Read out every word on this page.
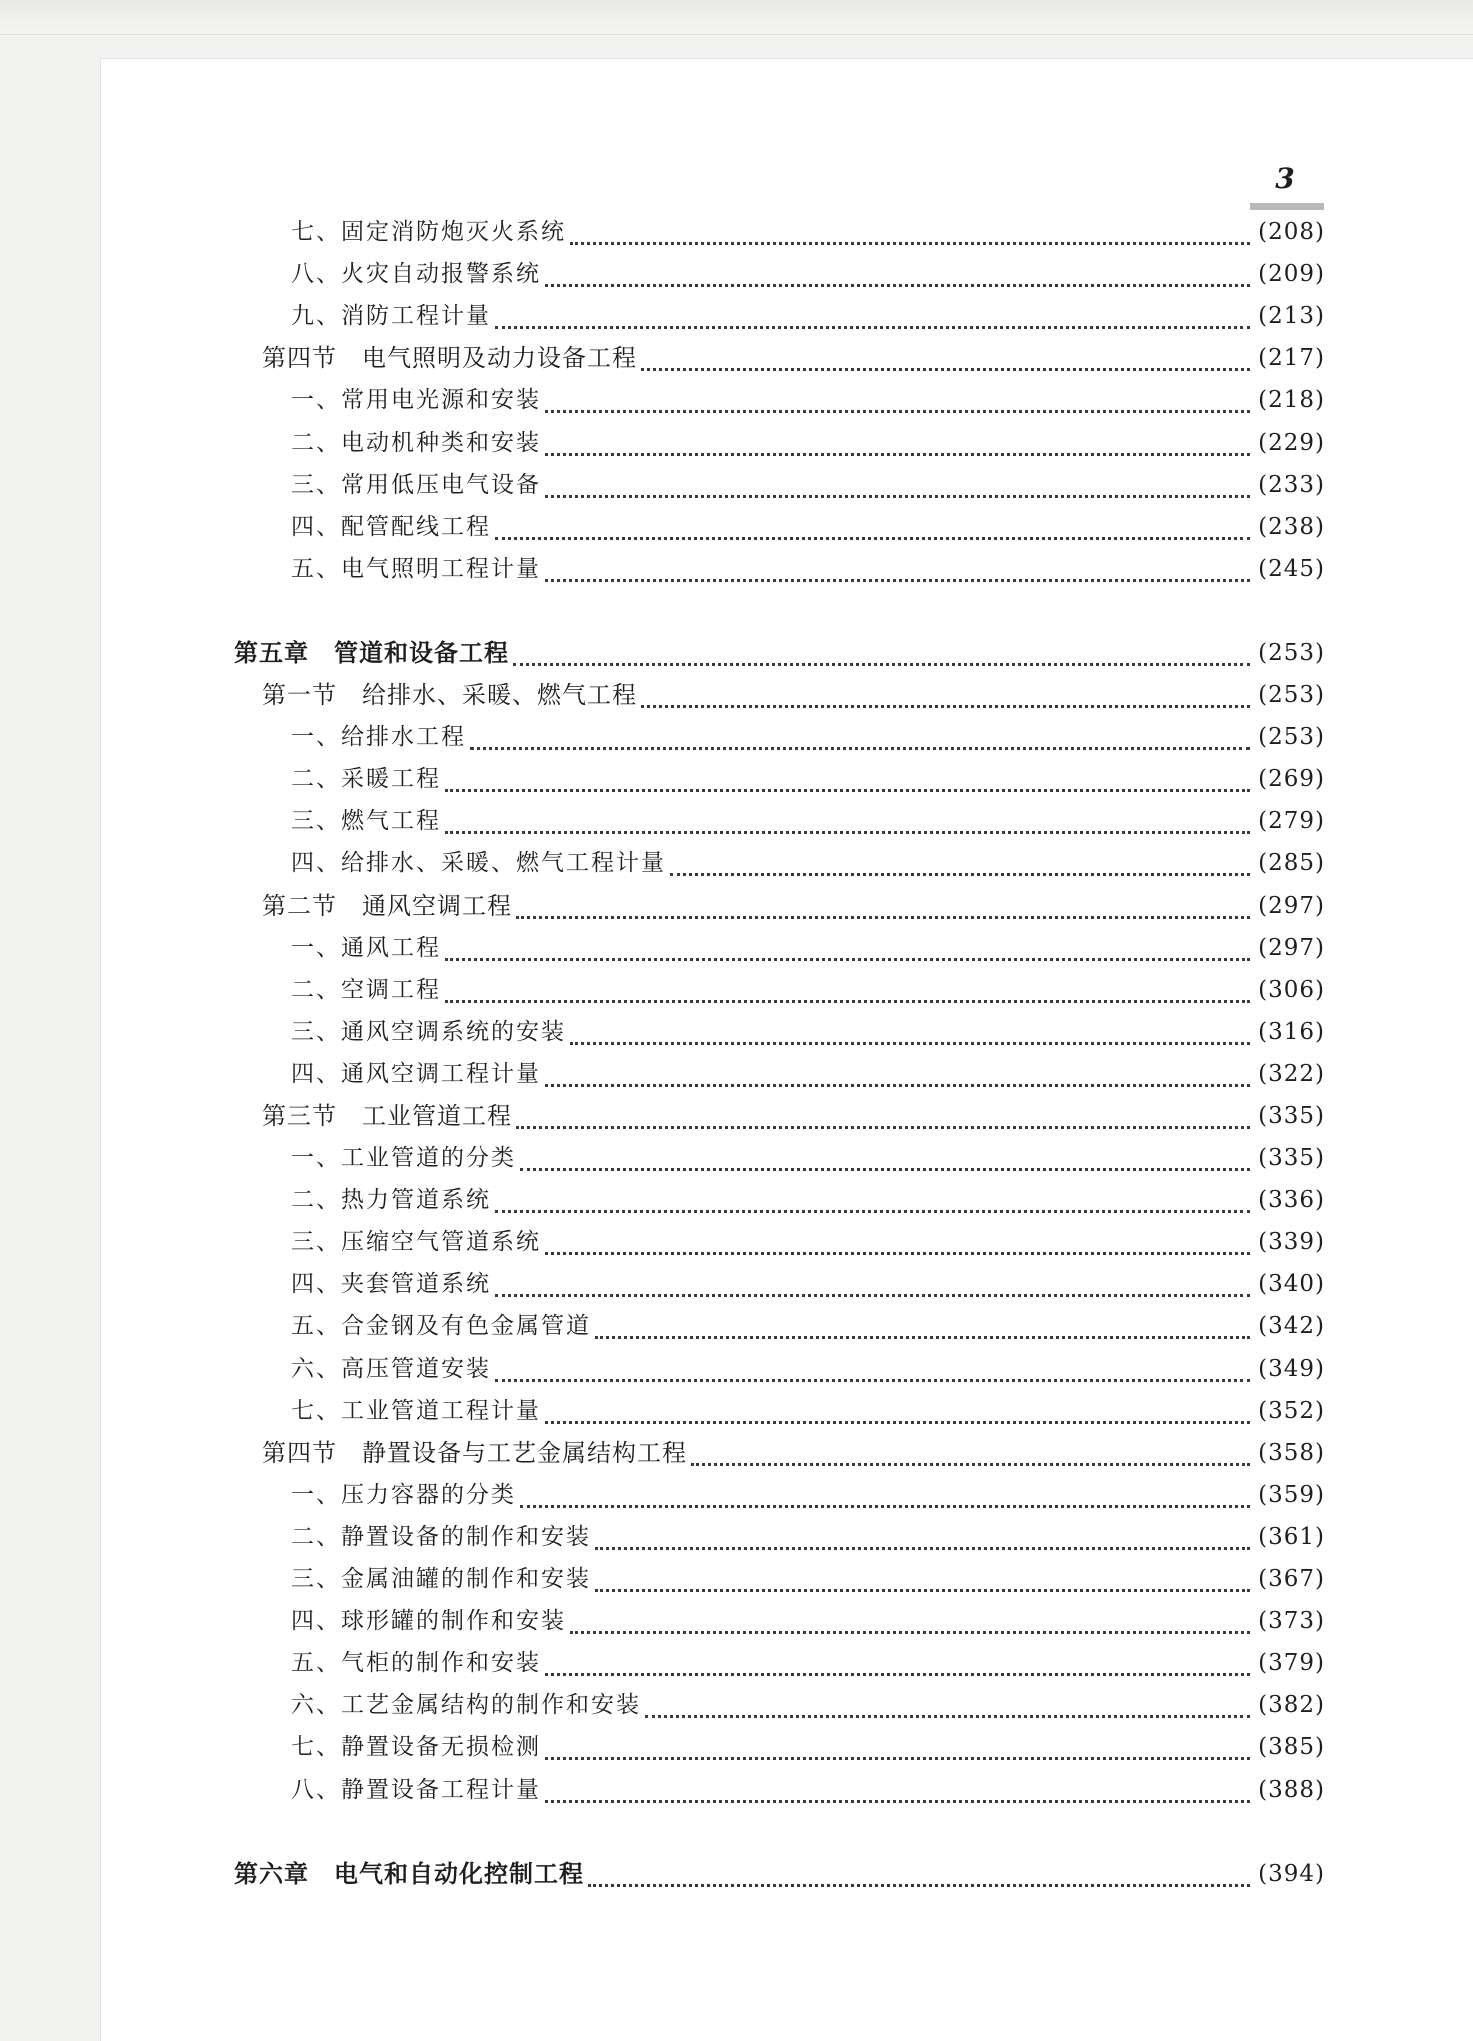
3
七、固定消防炮灭火系统	(208)
八、火灾自动报警系统	(209)
九、消防工程计量	(213)
第四节　电气照明及动力设备工程	(217)
一、常用电光源和安装	(218)
二、电动机种类和安装	(229)
三、常用低压电气设备	(233)
四、配管配线工程	(238)
五、电气照明工程计量	(245)
第五章　管道和设备工程	(253)
第一节　给排水、采暖、燃气工程	(253)
一、给排水工程	(253)
二、采暖工程	(269)
三、燃气工程	(279)
四、给排水、采暖、燃气工程计量	(285)
第二节　通风空调工程	(297)
一、通风工程	(297)
二、空调工程	(306)
三、通风空调系统的安装	(316)
四、通风空调工程计量	(322)
第三节　工业管道工程	(335)
一、工业管道的分类	(335)
二、热力管道系统	(336)
三、压缩空气管道系统	(339)
四、夹套管道系统	(340)
五、合金钢及有色金属管道	(342)
六、高压管道安装	(349)
七、工业管道工程计量	(352)
第四节　静置设备与工艺金属结构工程	(358)
一、压力容器的分类	(359)
二、静置设备的制作和安装	(361)
三、金属油罐的制作和安装	(367)
四、球形罐的制作和安装	(373)
五、气柜的制作和安装	(379)
六、工艺金属结构的制作和安装	(382)
七、静置设备无损检测	(385)
八、静置设备工程计量	(388)
第六章　电气和自动化控制工程	(394)
